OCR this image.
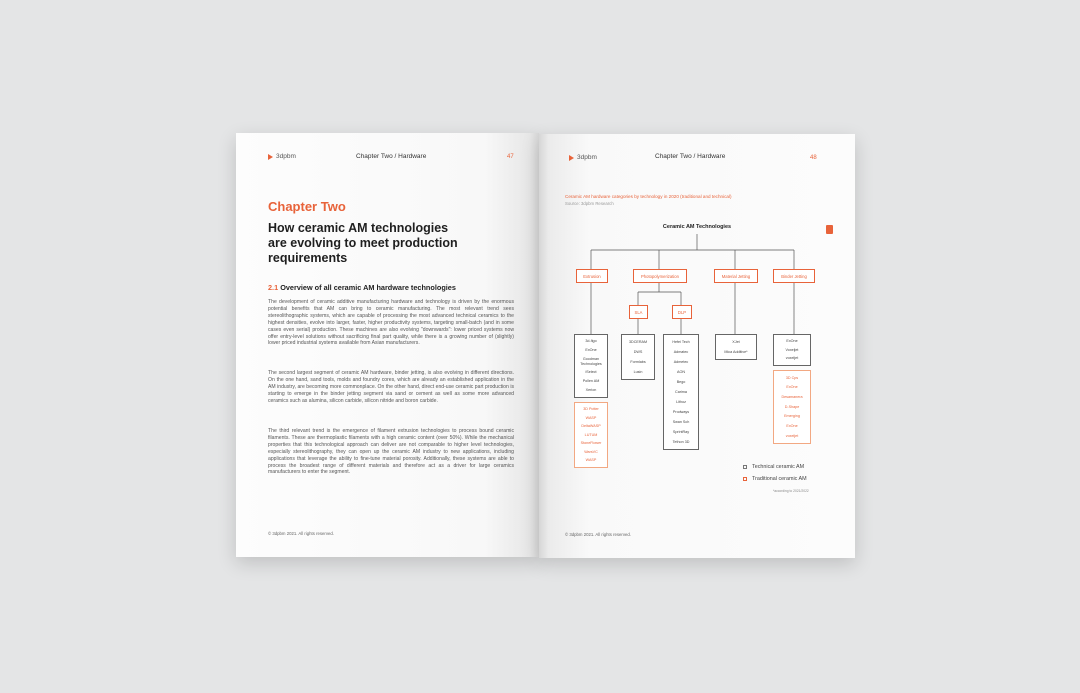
3dpbm	Chapter Two / Hardware	47
Chapter Two
How ceramic AM technologies
are evolving to meet production
requirements
2.1 Overview of all ceramic AM hardware technologies
The development of ceramic additive manufacturing hardware and technology is driven by the enormous potential benefits that AM can bring to ceramic manufacturing. The most relevant trend sees stereolithographic systems, which are capable of processing the most advanced technical ceramics to the highest densities, evolve into larger, faster, higher productivity systems, targeting small-batch (and in some cases even serial) production. These machines are also evolving "downwards": lower priced systems now offer entry-level solutions without sacrificing final part quality, while there is a growing number of (slightly) lower priced industrial systems available from Asian manufacturers.
The second largest segment of ceramic AM hardware, binder jetting, is also evolving in different directions. On the one hand, sand tools, molds and foundry cores, which are already an established application in the AM industry, are becoming more commonplace. On the other hand, direct end-use ceramic part production is starting to emerge in the binder jetting segment via sand or cement as well as some more advanced ceramics such as alumina, silicon carbide, silicon nitride and boron carbide.
The third relevant trend is the emergence of filament extrusion technologies to process bound ceramic filaments. These are thermoplastic filaments with a high ceramic content (over 50%). While the mechanical properties that this technological approach can deliver are not comparable to higher level technologies, especially stereolithography, they can open up the ceramic AM industry to new applications, including applications that leverage the ability to fine-tune material porosity. Additionally, these systems are able to process the broadest range of different materials and therefore act as a driver for large ceramics manufacturers to enter the segment.
© 3dpbm 2021. All rights reserved.
3dpbm	Chapter Two / Hardware	48
Ceramic AM hardware categories by technology in 2020 (traditional and technical)
Source: 3dpbm Research
Ceramic AM Technologies
Extrusion	Photopolymerization	Material Jetting	Binder Jetting
SLA	DLP
3d-figo
ExOne
Goodman Technologies
iSelect
Pollen AM
Xerion
3D Potter
WASP
DeltaWASP
LUTUM
StoneFlower
WarsVC
WASP
3DCERAM
DWS
Formlabs
Lusin
Hefei Tech
Admatec
Admetec
AON
Bego
Carima
Lithoz
Prodways
Swan Sch
SprintRay
Tethon 3D
XJet
Mica Additive*
ExOne
Voxeljet
voxeljet
3D Cps
ExOne
Desamanera
D-Shape
Emerging
ExOne
voxeljet
Technical ceramic AM
Traditional ceramic AM
*according to 2021/2022
© 3dpbm 2021. All rights reserved.
